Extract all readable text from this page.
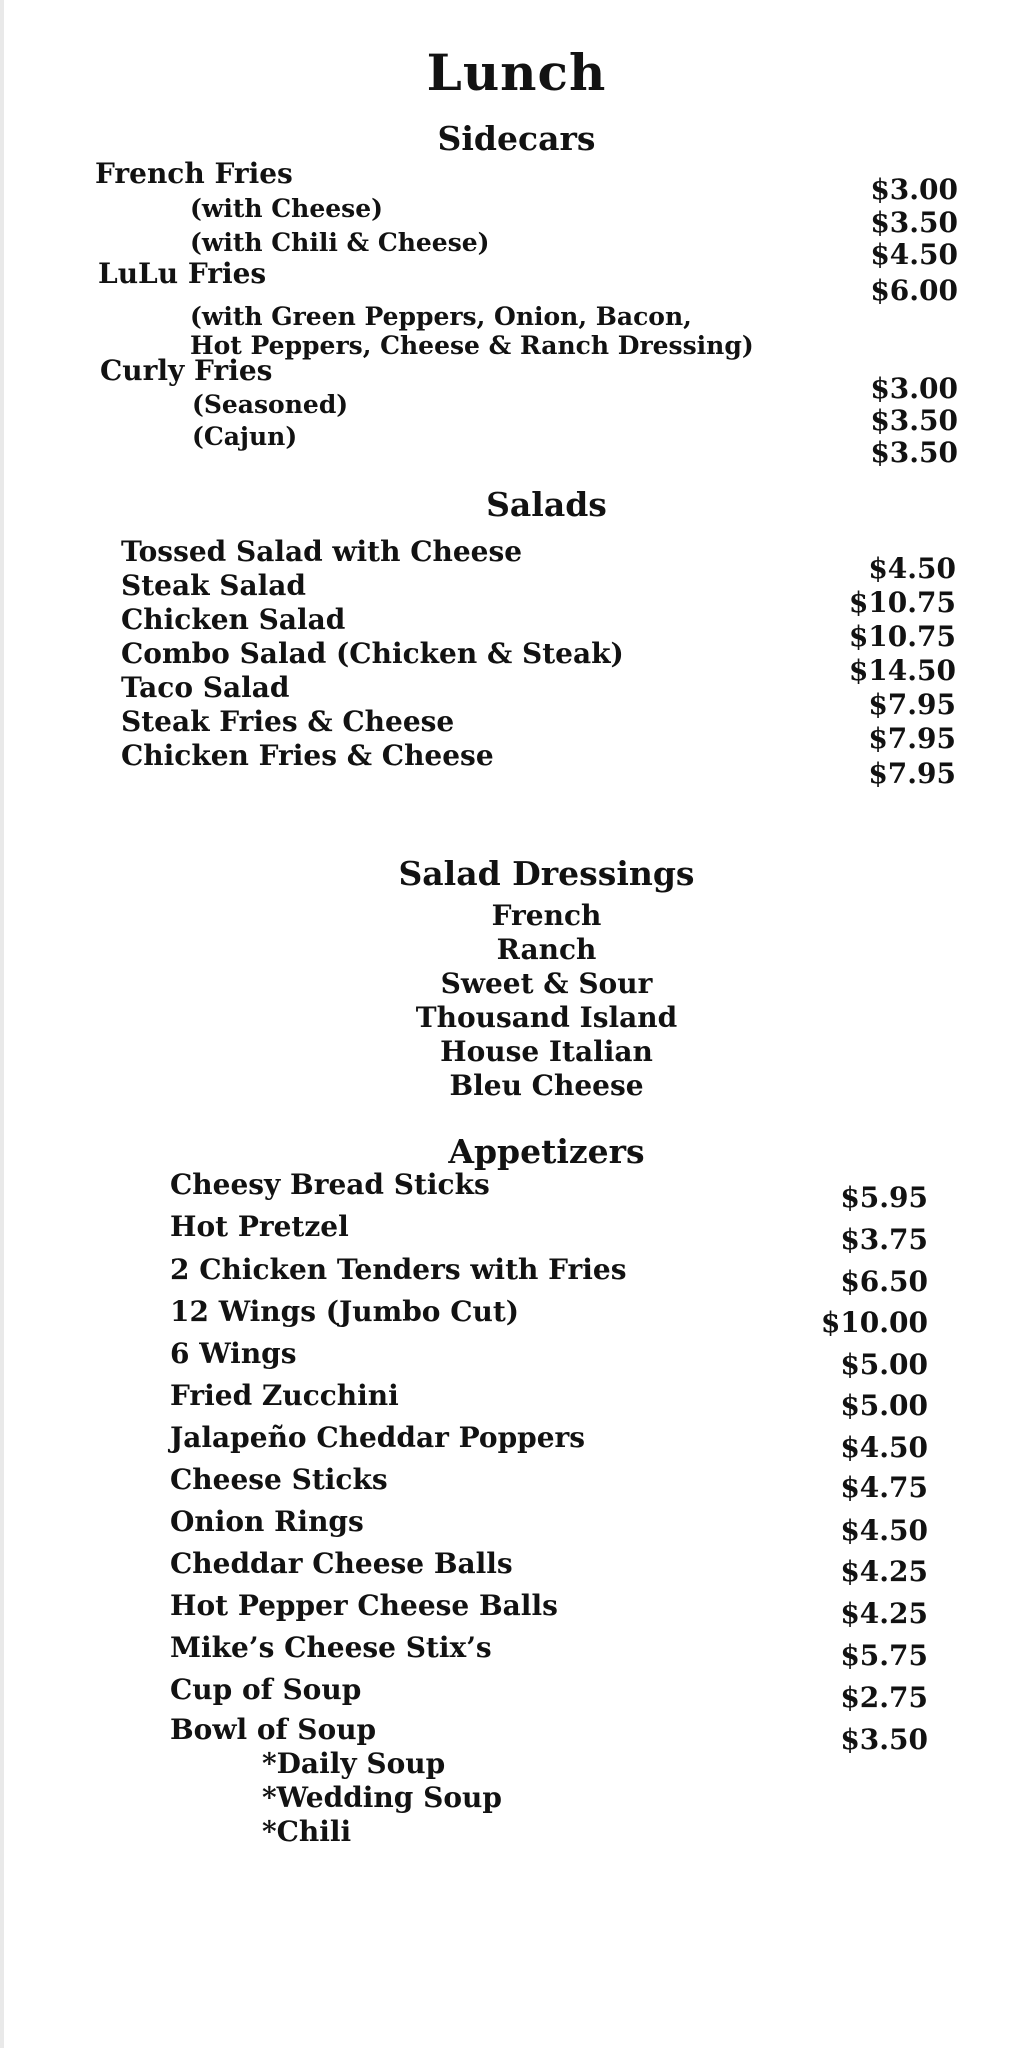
Lunch
Sidecars
French Fries
(with Cheese)
(with Chili & Cheese)
LuLu Fries
(with Green Peppers, Onion, Bacon,
Hot Peppers, Cheese & Ranch Dressing)
Curly Fries
(Seasoned)
(Cajun)
$3.00
$3.50
$4.50
$6.00
$3.00
$3.50
$3.50
Salads
Tossed Salad with Cheese
Steak Salad
Chicken Salad
Combo Salad (Chicken & Steak)
Taco Salad
Steak Fries & Cheese
Chicken Fries & Cheese
$4.50
$10.75
$10.75
$14.50
$7.95
$7.95
$7.95
Salad Dressings
French
Ranch
Sweet & Sour
Thousand Island
House Italian
Bleu Cheese
Appetizers
Cheesy Bread Sticks
Hot Pretzel
2 Chicken Tenders with Fries
12 Wings (Jumbo Cut)
6 Wings
Fried Zucchini
Jalapeño Cheddar Poppers
Cheese Sticks
Onion Rings
Cheddar Cheese Balls
Hot Pepper Cheese Balls
Mike’s Cheese Stix’s
Cup of Soup
Bowl of Soup
$5.95
$3.75
$6.50
$10.00
$5.00
$5.00
$4.50
$4.75
$4.50
$4.25
$4.25
$5.75
$2.75
$3.50
*Daily Soup
*Wedding Soup
*Chili
